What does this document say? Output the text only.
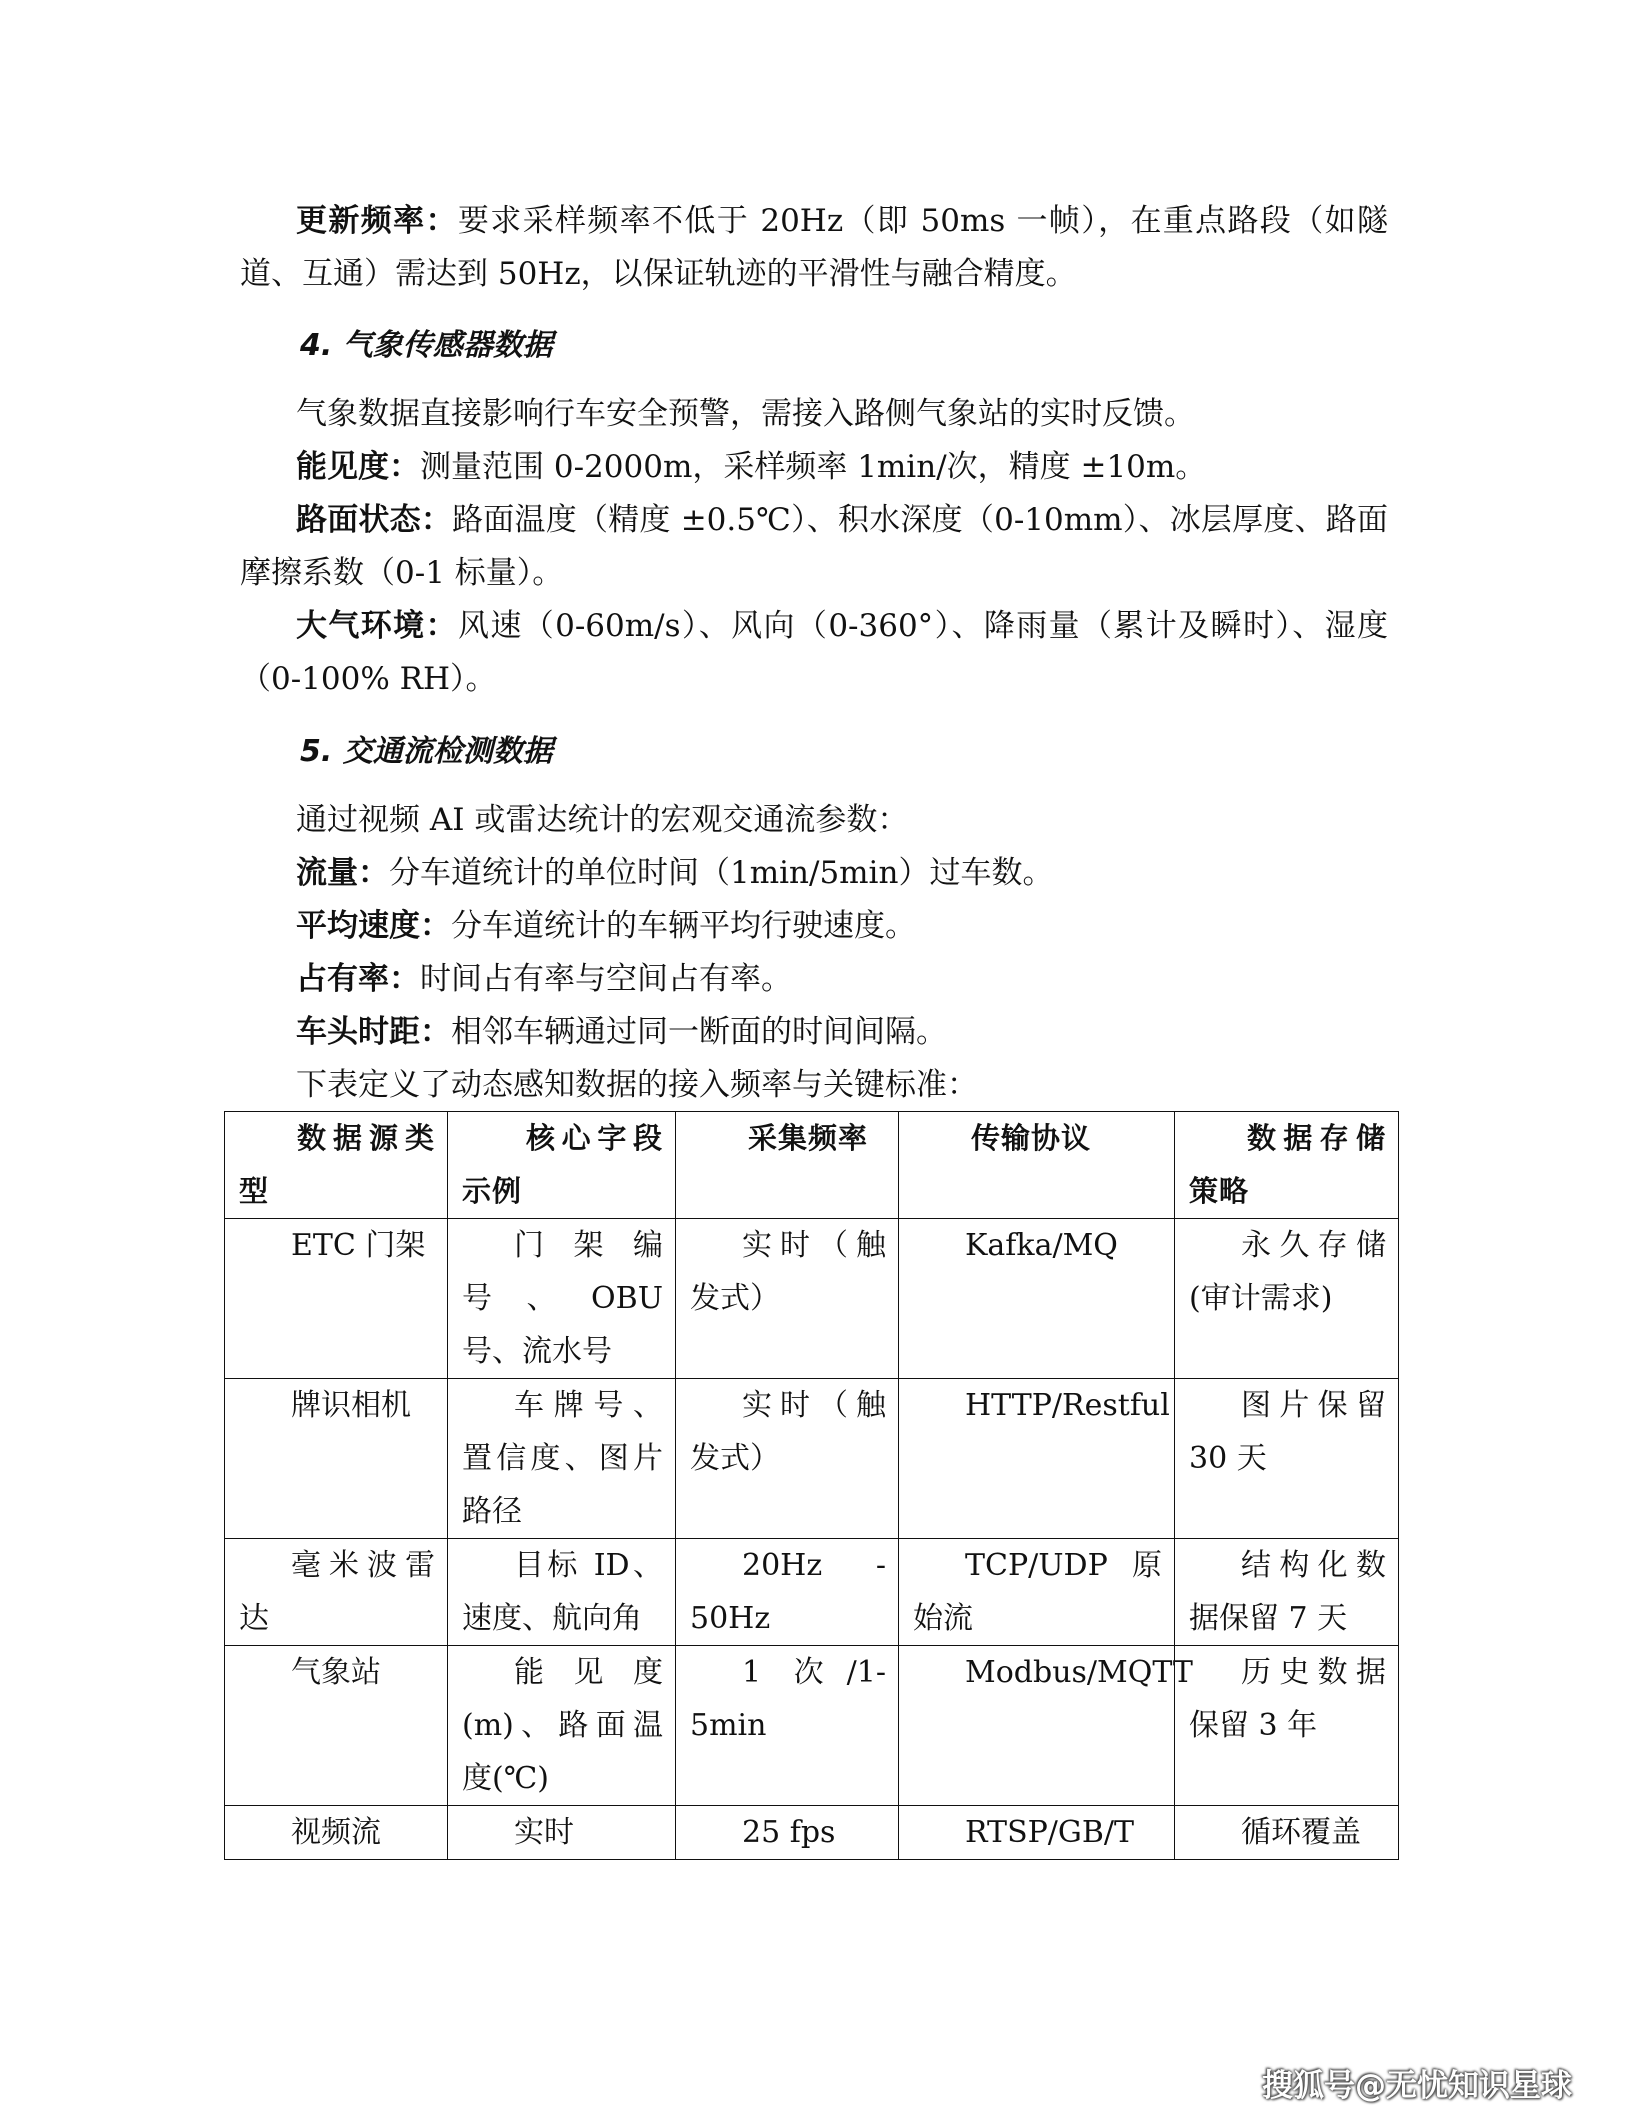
更新频率：要求采样频率不低于 20Hz（即 50ms 一帧），在重点路段（如隧道、互通）需达到 50Hz，以保证轨迹的平滑性与融合精度。

4. 气象传感器数据

气象数据直接影响行车安全预警，需接入路侧气象站的实时反馈。

能见度：测量范围 0-2000m，采样频率 1min/次，精度 ±10m。

路面状态：路面温度（精度 ±0.5℃）、积水深度（0-10mm）、冰层厚度、路面摩擦系数（0-1 标量）。

大气环境：风速（0-60m/s）、风向（0-360°）、降雨量（累计及瞬时）、湿度（0-100% RH）。

5. 交通流检测数据

通过视频 AI 或雷达统计的宏观交通流参数：

流量：分车道统计的单位时间（1min/5min）过车数。

平均速度：分车道统计的车辆平均行驶速度。

占有率：时间占有率与空间占有率。

车头时距：相邻车辆通过同一断面的时间间隔。

下表定义了动态感知数据的接入频率与关键标准：

数据源类型	核心字段示例	采集频率	传输协议	数据存储策略
ETC 门架	门架编号、OBU 号、流水号	实时（触发式）	Kafka/MQ	永久存储(审计需求)
牌识相机	车牌号、置信度、图片路径	实时（触发式）	HTTP/Restful	图片保留 30 天
毫米波雷达	目标 ID、速度、航向角	20Hz - 50Hz	TCP/UDP 原始流	结构化数据保留 7 天
气象站	能见度(m)、路面温度(℃)	1 次/1-5min	Modbus/MQTT	历史数据保留 3 年
视频流	实时	25 fps	RTSP/GB/T	循环覆盖
搜狐号@无忧知识星球
